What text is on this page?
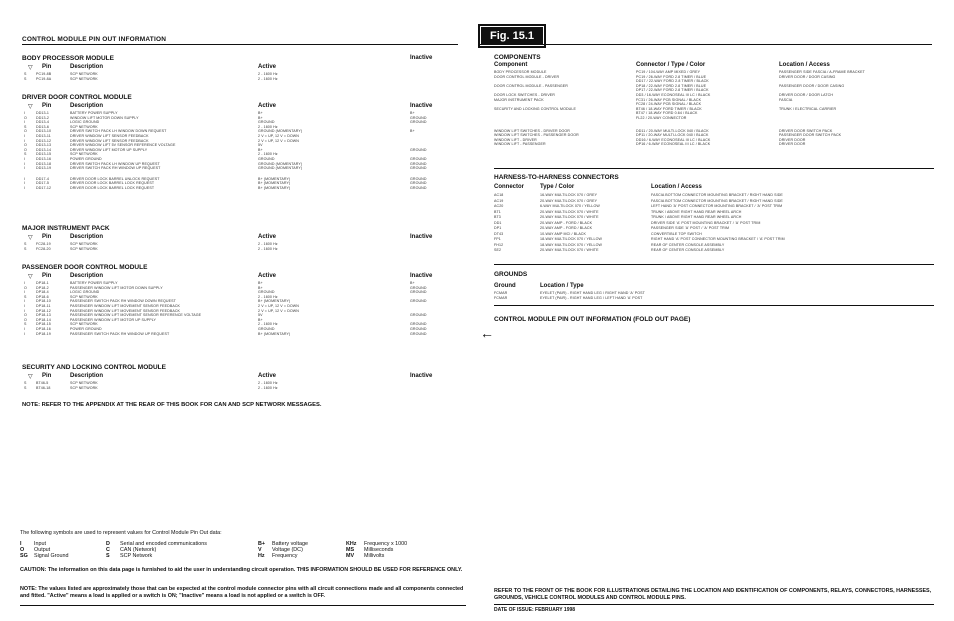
CONTROL MODULE PIN OUT INFORMATION	Fig. 15.1
BODY PROCESSOR MODULE
▽ Pin	Description	Active
Inactive
S	PC19-8B	SCP NETWORK	2 - 1600 Hz
S	PC19-8A	SCP NETWORK	2 - 1600 Hz
DRIVER DOOR CONTROL MODULE
▽ Pin	Description	Active	Inactive
I	DD13-1	BATTERY POWER SUPPLY	B+	B+
O	DD13-2	WINDOW LIFT MOTOR DOWN SUPPLY	B+	GROUND
I	DD13-4	LOGIC GROUND	GROUND	GROUND
S	DD13-6	SCP NETWORK	2 - 1600 Hz
O	DD13-10	DRIVER SWITCH PACK LH WINDOW DOWN REQUEST	GROUND (MOMENTARY)	B+
I	DD13-11	DRIVER WINDOW LIFT SENSOR FEEDBACK	2 V = UP, 12 V = DOWN
I	DD13-12	DRIVER WINDOW LIFT SENSOR FEEDBACK	2 V = UP, 12 V = DOWN
O	DD13-13	DRIVER WINDOW LIFT 5V SENSOR REFERENCE VOLTAGE	5V
O	DD13-14	DRIVER WINDOW LIFT MOTOR UP SUPPLY	B+	GROUND
S	DD13-15	SCP NETWORK	2 - 1600 Hz
I	DD13-16	POWER GROUND	GROUND	GROUND
I	DD13-18	DRIVER SWITCH PACK LH WINDOW UP REQUEST	GROUND (MOMENTARY)	GROUND
I	DD13-19	DRIVER SWITCH PACK RH WINDOW UP REQUEST	GROUND (MOMENTARY)	GROUND
I	DD17-4	DRIVER DOOR LOCK BARREL UNLOCK REQUEST	B+ (MOMENTARY)	GROUND
I	DD17-5	DRIVER DOOR LOCK BARREL LOCK REQUEST	B+ (MOMENTARY)	GROUND
I	DD17-12	DRIVER DOOR LOCK BARREL LOCK REQUEST	B+ (MOMENTARY)	GROUND
MAJOR INSTRUMENT PACK
▽ Pin	Description	Active	Inactive
S	FC28-19	SCP NETWORK	2 - 1600 Hz
S	FC28-20	SCP NETWORK	2 - 1600 Hz
PASSENGER DOOR CONTROL MODULE
▽ Pin	Description	Active	Inactive
I	DP18-1	BATTERY POWER SUPPLY	B+	B+
O	DP18-2	PASSENGER WINDOW LIFT MOTOR DOWN SUPPLY	B+	GROUND
I	DP18-4	LOGIC GROUND	GROUND	GROUND
S	DP18-6	SCP NETWORK	2 - 1600 Hz
I	DP18-10	PASSENGER SWITCH PACK RH WINDOW DOWN REQUEST	B+ (MOMENTARY)	GROUND
I	DP18-11	PASSENGER WINDOW LIFT MOVEMENT SENSOR FEEDBACK	2 V = UP, 12 V = DOWN
I	DP18-12	PASSENGER WINDOW LIFT MOVEMENT SENSOR FEEDBACK	2 V = UP, 12 V = DOWN
O	DP18-13	PASSENGER WINDOW LIFT MOVEMENT SENSOR REFERENCE VOLTAGE	5V	GROUND
O	DP18-14	PASSENGER WINDOW LIFT MOTOR UP SUPPLY	B+
S	DP18-15	SCP NETWORK	2 - 1600 Hz	GROUND
I	DP18-16	POWER GROUND	GROUND	GROUND
I	DP18-19	PASSENGER SWITCH PACK RH WINDOW UP REQUEST	B+ (MOMENTARY)	GROUND
SECURITY AND LOCKING CONTROL MODULE
▽ Pin	Description	Active	Inactive
S	BT46-5	SCP NETWORK	2 - 1600 Hz
S	BT46-18	SCP NETWORK	2 - 1600 Hz
NOTE: REFER TO THE APPENDIX AT THE REAR OF THIS BOOK FOR CAN AND SCP NETWORK MESSAGES.
COMPONENTS
Component	Connector / Type / Color	Location / Access
BODY PROCESSOR MODULE	PC19 / 104-WAY AMP MIXED / GREY	PASSENGER SIDE FASCIA / A-FRAME BRACKET
DOOR CONTROL MODULE - DRIVER	PC19 / 26-WAY FORD 2.8 TIMER / BLUE	DRIVER DOOR / DOOR CASING
DD17 / 22-WAY FORD 2.8 TIMER / BLACK
DOOR CONTROL MODULE - PASSENGER	DP18 / 22-WAY FORD 2.8 TIMER / BLUE	PASSENGER DOOR / DOOR CASING
DP17 / 22-WAY FORD 2.8 TIMER / BLACK
DOOR LOCK SWITCHES - DRIVER	DD3 / 16-WAY ECONOSEAL III LC / BLACK	DRIVER DOOR / DOOR LATCH
MAJOR INSTRUMENT PACK	FC31 / 26-WAY PCB SIGNAL / BLACK	FASCIA
FC28 / 24-WAY PCB SIGNAL / BLACK
SECURITY AND LOCKING CONTROL MODULE	BT46 / 18-WAY FORD TIMER / BLACK	TRUNK / ELECTRICAL CARRIER
BT47 / 18-WAY FORD 0.64 / BLACK
FL22 / 20-WAY CONNECTOR
WINDOW LIFT SWITCHES - DRIVER DOOR	DD11 / 20-WAY MULTI-LOCK 040 / BLACK	DRIVER DOOR SWITCH PACK
WINDOW LIFT SWITCHES - PASSENGER DOOR	DP11 / 20-WAY MULTI-LOCK 040 / BLACK	PASSENGER DOOR SWITCH PACK
WINDOW LIFT - DRIVER	DD16 / 6-WAY ECONOSEAL III LC / BLACK	DRIVER DOOR
WINDOW LIFT - PASSENGER	DP16 / 6-WAY ECONOSEAL III LC / BLACK	DRIVER DOOR
HARNESS-TO-HARNESS CONNECTORS
Connector	Type / Color	Location / Access
AC18	16-WAY MULTILOCK 070 / GREY	FASCIA BOTTOM CONNECTOR MOUNTING BRACKET / RIGHT HAND SIDE
AC19	20-WAY MULTILOCK 070 / GREY	FASCIA BOTTOM CONNECTOR MOUNTING BRACKET / RIGHT HAND SIDE
AC20	6-WAY MULTILOCK 070 / YELLOW	LEFT HAND 'A' POST CONNECTOR MOUNTING BRACKET / 'A' POST TRIM
BT1	20-WAY MULTILOCK 070 / WHITE	TRUNK / ABOVE RIGHT HAND REAR WHEEL ARCH
BT3	20-WAY MULTILOCK 070 / WHITE	TRUNK / ABOVE RIGHT HAND REAR WHEEL ARCH
DD1	20-WAY AMP - FORD / BLACK	DRIVER SIDE 'A' POST MOUNTING BRACKET / 'A' POST TRIM
DP1	20-WAY AMP - FORD / BLACK	PASSENGER SIDE 'A' POST / 'A' POST TRIM
DT43	10-WAY AMP MCI / BLACK	CONVERTIBLE TOP SWITCH
FP1	18-WAY MULTILOCK 070 / YELLOW	RIGHT HAND 'A' POST CONNECTOR MOUNTING BRACKET / 'A' POST TRIM
FH12	18-WAY MULTILOCK 070 / YELLOW	REAR OF CENTER CONSOLE ASSEMBLY
SE2	20-WAY MULTILOCK 070 / WHITE	REAR OF CENTER CONSOLE ASSEMBLY
GROUNDS
Ground	Location / Type
FCMAR	EYELET (PAIR) - RIGHT HAND LEG / RIGHT HAND 'A' POST
FCMAR	EYELET (PAIR) - RIGHT HAND LEG / LEFT HAND 'A' POST
CONTROL MODULE PIN OUT INFORMATION (FOLD OUT PAGE)
←
The following symbols are used to represent values for Control Module Pin Out data:
I Input	D Serial and encoded communications	B+ Battery voltage	KHz Frequency x 1000
O Output	C CAN (Network)	V Voltage (DC)	MS Milliseconds
SG Signal Ground	S SCP Network	Hz Frequency	MV Millivolts
CAUTION: The information on this data page is furnished to aid the user in understanding circuit operation. THIS INFORMATION SHOULD BE USED FOR REFERENCE ONLY.
NOTE: The values listed are approximately those that can be expected at the control module connector pins with all circuit connections made and all components connected and fitted. "Active" means a load is applied or a switch is ON; "Inactive" means a load is not applied or a switch is OFF.
REFER TO THE FRONT OF THE BOOK FOR ILLUSTRATIONS DETAILING THE LOCATION AND IDENTIFICATION OF COMPONENTS, RELAYS, CONNECTORS, HARNESSES, GROUNDS, VEHICLE CONTROL MODULES AND CONTROL MODULE PINS.
DATE OF ISSUE: FEBRUARY 1998
